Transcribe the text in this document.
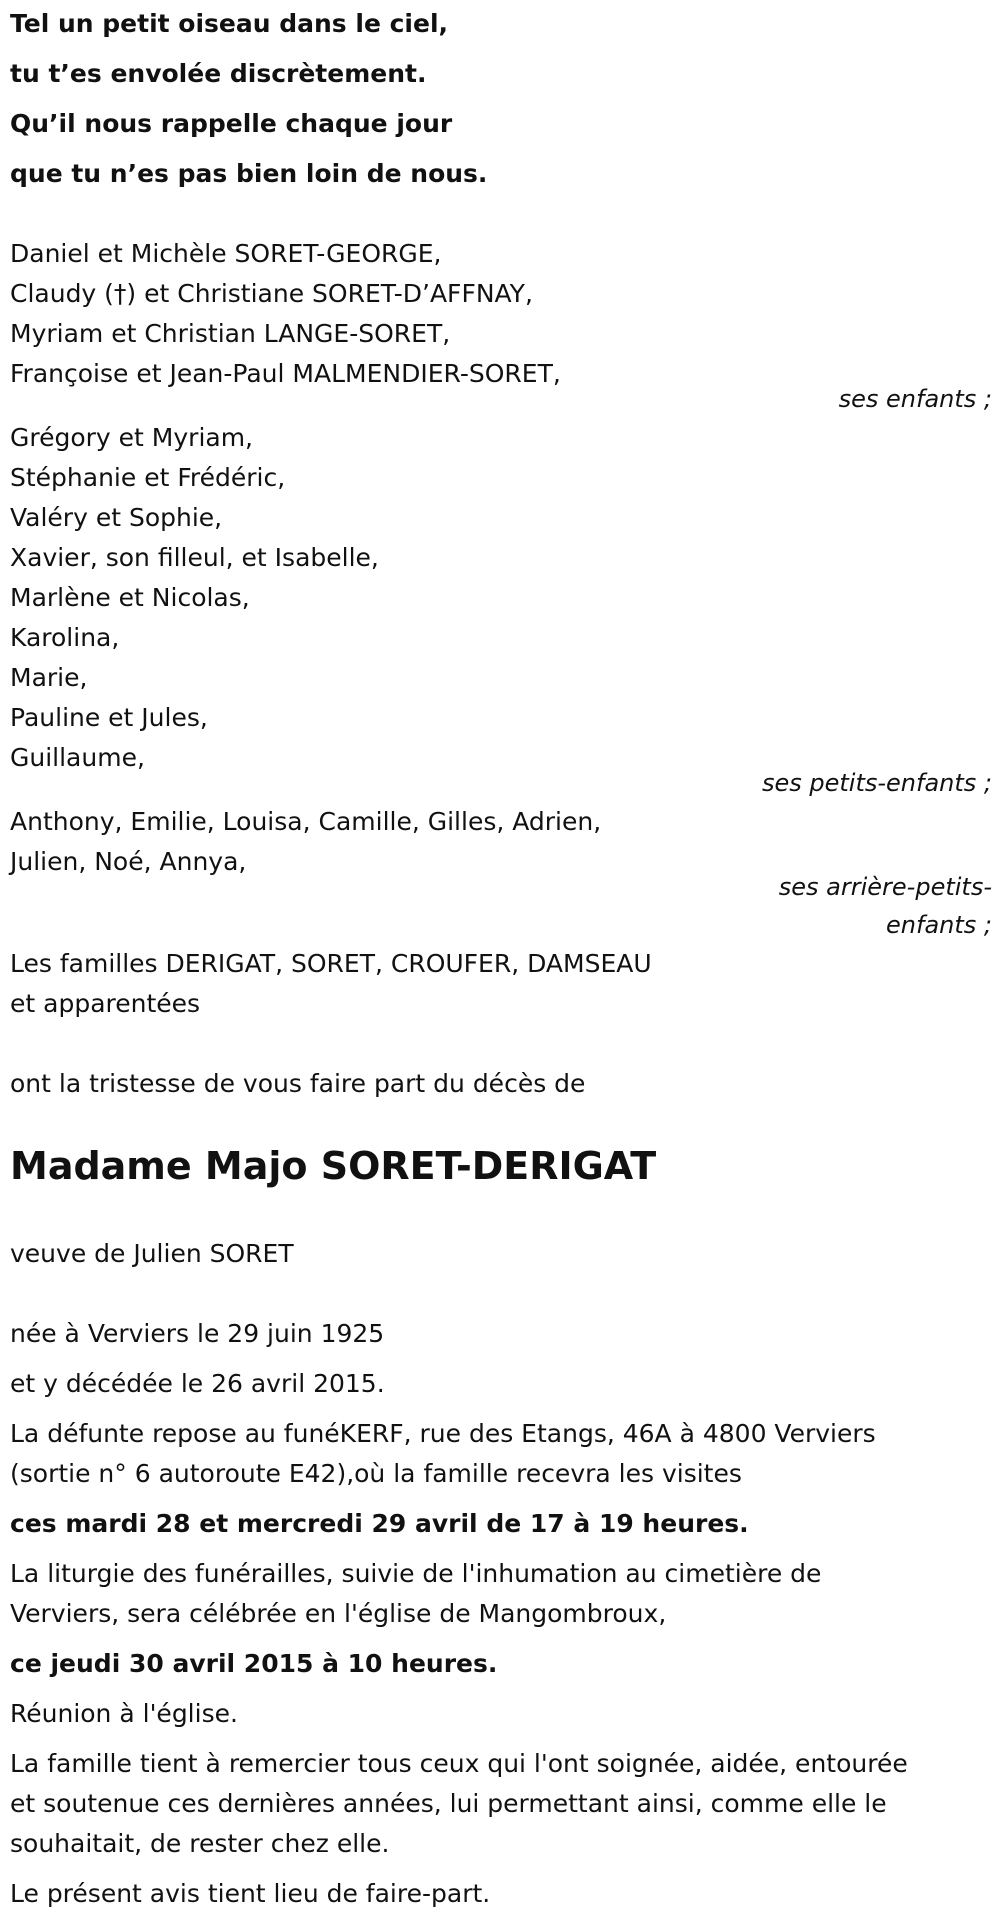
Tel un petit oiseau dans le ciel,

tu t’es envolée discrètement.

Qu’il nous rappelle chaque jour

que tu n’es pas bien loin de nous.

Daniel et Michèle SORET-GEORGE,

Claudy (†) et Christiane SORET-D’AFFNAY,

Myriam et Christian LANGE-SORET,

Françoise et Jean-Paul MALMENDIER-SORET,

ses enfants ;

Grégory et Myriam,

Stéphanie et Frédéric,

Valéry et Sophie,

Xavier, son filleul, et Isabelle,

Marlène et Nicolas,

Karolina,

Marie,

Pauline et Jules,

Guillaume,

ses petits-enfants ;

Anthony, Emilie, Louisa, Camille, Gilles, Adrien,

Julien, Noé, Annya,

ses arrière-petits-

enfants ;

Les familles DERIGAT, SORET, CROUFER, DAMSEAU

et apparentées

ont la tristesse de vous faire part du décès de

Madame Majo SORET-DERIGAT

veuve de Julien SORET

née à Verviers le 29 juin 1925

et y décédée le 26 avril 2015.

La défunte repose au funéKERF, rue des Etangs, 46A à 4800 Verviers

(sortie n° 6 autoroute E42),où la famille recevra les visites

ces mardi 28 et mercredi 29 avril de 17 à 19 heures.

La liturgie des funérailles, suivie de l'inhumation au cimetière de

Verviers, sera célébrée en l'église de Mangombroux,

ce jeudi 30 avril 2015 à 10 heures.

Réunion à l'église.

La famille tient à remercier tous ceux qui l'ont soignée, aidée, entourée

et soutenue ces dernières années, lui permettant ainsi, comme elle le

souhaitait, de rester chez elle.

Le présent avis tient lieu de faire-part.
